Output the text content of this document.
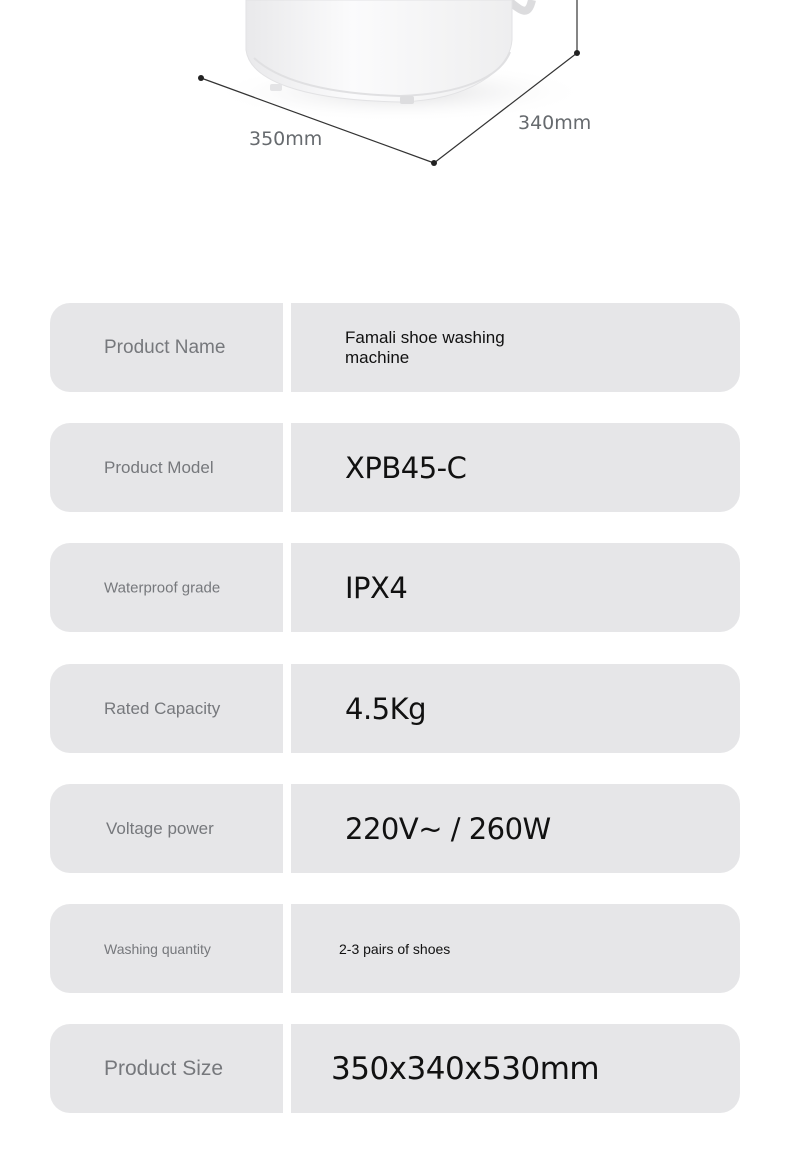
350mm
340mm
Product Name	Famali shoe washing machine
Product Model	XPB45-C
Waterproof grade	IPX4
Rated Capacity	4.5Kg
Voltage power	220V~ / 260W
Washing quantity	2-3 pairs of shoes
Product Size	350x340x530mm
